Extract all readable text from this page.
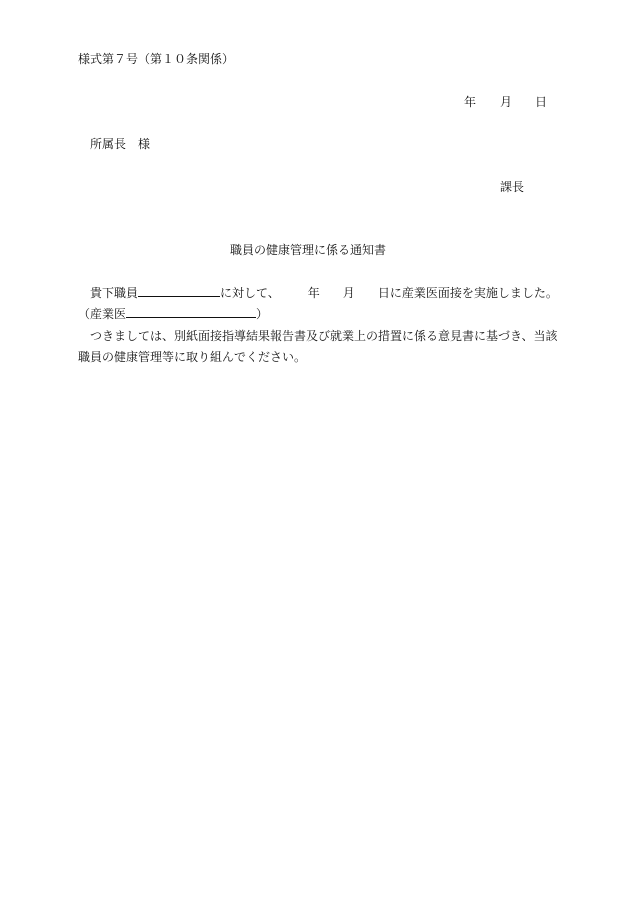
様式第７号（第１０条関係）
年 月 日
所属長　様
課長
職員の健康管理に係る通知書
貴下職員	に対して、 年 月 日に産業医面接を実施しました。
（産業医	）
つきましては、別紙面接指導結果報告書及び就業上の措置に係る意見書に基づき、当該
職員の健康管理等に取り組んでください。
